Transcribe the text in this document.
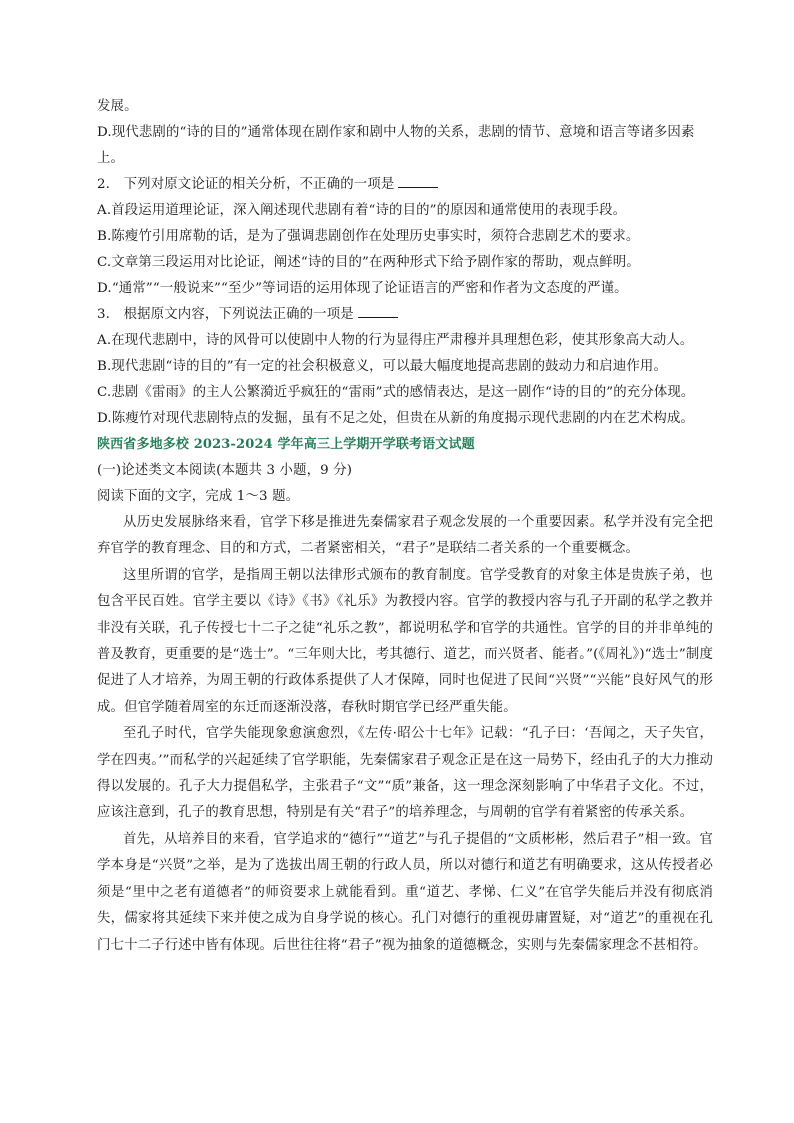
发展。
D.现代悲剧的“诗的目的”通常体现在剧作家和剧中人物的关系，悲剧的情节、意境和语言等诸多因素
上。
2.　下列对原文论证的相关分析，不正确的一项是
A.首段运用道理论证，深入阐述现代悲剧有着“诗的目的”的原因和通常使用的表现手段。
B.陈瘦竹引用席勒的话，是为了强调悲剧创作在处理历史事实时，须符合悲剧艺术的要求。
C.文章第三段运用对比论证，阐述“诗的目的”在两种形式下给予剧作家的帮助，观点鲜明。
D.“通常”“一般说来”“至少”等词语的运用体现了论证语言的严密和作者为文态度的严谨。
3.　根据原文内容，下列说法正确的一项是
A.在现代悲剧中，诗的风骨可以使剧中人物的行为显得庄严肃穆并具理想色彩，使其形象高大动人。
B.现代悲剧“诗的目的”有一定的社会积极意义，可以最大幅度地提高悲剧的鼓动力和启迪作用。
C.悲剧《雷雨》的主人公繁漪近乎疯狂的“雷雨”式的感情表达，是这一剧作“诗的目的”的充分体现。
D.陈瘦竹对现代悲剧特点的发掘，虽有不足之处，但贵在从新的角度揭示现代悲剧的内在艺术构成。
陕西省多地多校 2023-2024 学年高三上学期开学联考语文试题
(一)论述类文本阅读(本题共 3 小题，9 分)
阅读下面的文字，完成 1～3 题。
从历史发展脉络来看，官学下移是推进先秦儒家君子观念发展的一个重要因素。私学并没有完全把弃官学的教育理念、目的和方式，二者紧密相关，“君子”是联结二者关系的一个重要概念。
这里所谓的官学，是指周王朝以法律形式颁布的教育制度。官学受教育的对象主体是贵族子弟，也包含平民百姓。官学主要以《诗》《书》《礼乐》为教授内容。官学的教授内容与孔子开副的私学之教并非没有关联，孔子传授七十二子之徒“礼乐之教”，都说明私学和官学的共通性。官学的目的并非单纯的普及教育，更重要的是“选士”。“三年则大比，考其德行、道艺，而兴贤者、能者。”(《周礼》)“选士”制度促进了人才培养，为周王朝的行政体系提供了人才保障，同时也促进了民间“兴贤”“兴能”良好风气的形成。但官学随着周室的东迁而逐渐没落，春秋时期官学已经严重失能。
至孔子时代，官学失能现象愈演愈烈，《左传·昭公十七年》记载：“孔子曰：‘吾闻之，天子失官，学在四夷。’”而私学的兴起延续了官学职能，先秦儒家君子观念正是在这一局势下，经由孔子的大力推动得以发展的。孔子大力提倡私学，主张君子“文”“质”兼备，这一理念深刻影响了中华君子文化。不过，应该注意到，孔子的教育思想，特别是有关“君子”的培养理念，与周朝的官学有着紧密的传承关系。
首先，从培养目的来看，官学追求的“德行”“道艺”与孔子提倡的“文质彬彬，然后君子”相一致。官学本身是“兴贤”之举，是为了选拔出周王朝的行政人员，所以对德行和道艺有明确要求，这从传授者必须是“里中之老有道德者”的师资要求上就能看到。重“道艺、孝悌、仁义”在官学失能后并没有彻底消失，儒家将其延续下来并使之成为自身学说的核心。孔门对德行的重视毋庸置疑，对“道艺”的重视在孔门七十二子行述中皆有体现。后世往往将“君子”视为抽象的道德概念，实则与先秦儒家理念不甚相符。
